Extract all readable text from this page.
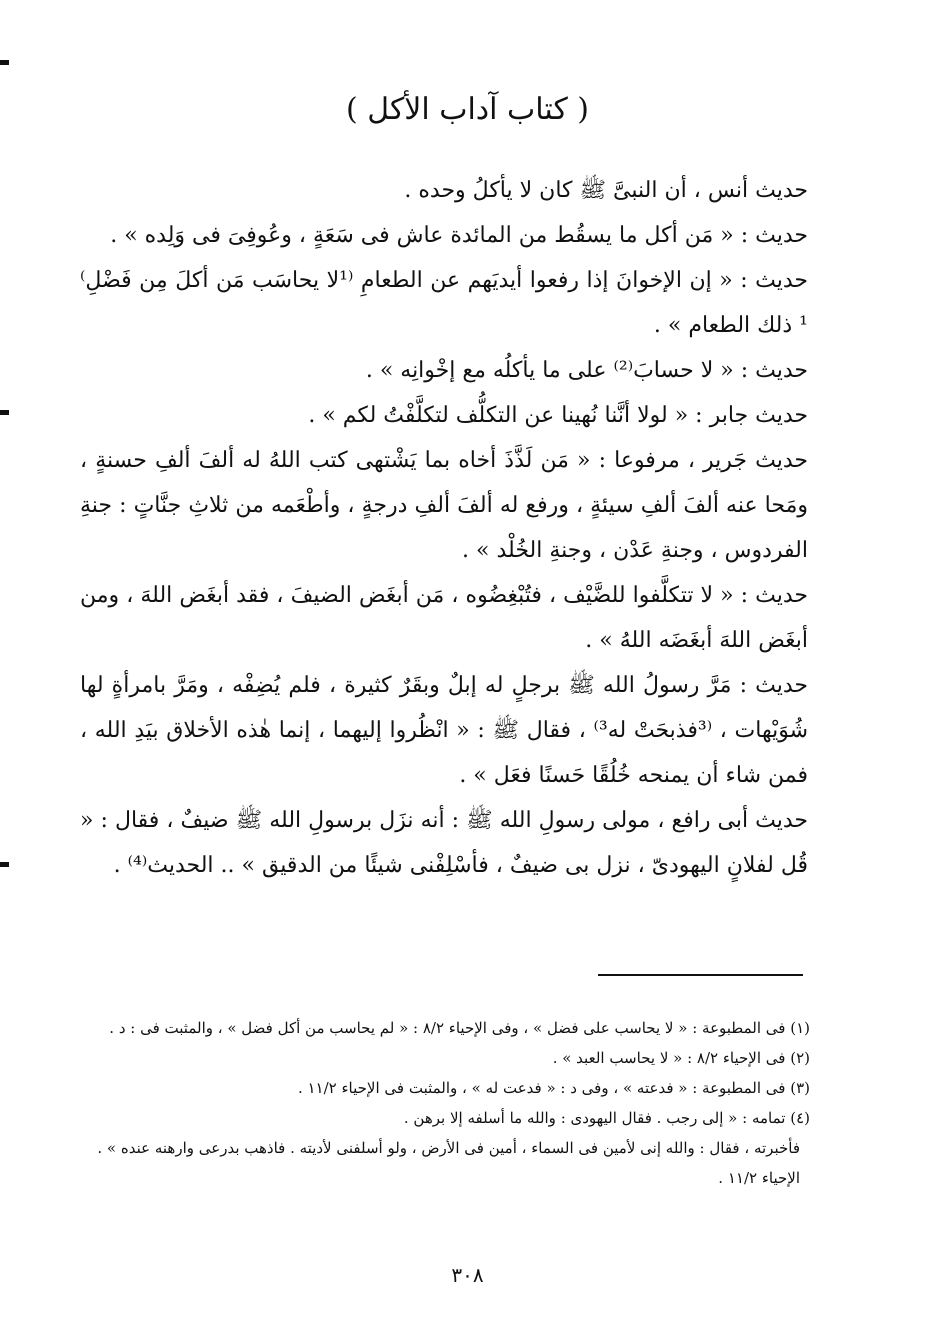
( كتاب آداب الأكل )

حديث أنس ، أن النبىَّ ﷺ كان لا يأكلُ وحده .

حديث : « مَن أكل ما يسقُط من المائدة عاش فى سَعَةٍ ، وعُوفِىَ فى وَلِده » .

حديث : « إن الإخوانَ إذا رفعوا أيديَهم عن الطعامِ ⁽¹لا يحاسَب مَن أكلَ مِن فَضْلِ⁾¹ ذلك الطعام » .

حديث : « لا حسابَ⁽²⁾ على ما يأكلُه مع إخْوانِه » .

حديث جابر : « لولا أنَّنا نُهينا عن التكلُّف لتكلَّفْتُ لكم » .

حديث جَرير ، مرفوعا : « مَن لَذَّذَ أخاه بما يَشْتهى كتب اللهُ له ألفَ ألفِ حسنةٍ ، ومَحا عنه ألفَ ألفِ سيئةٍ ، ورفع له ألفَ ألفِ درجةٍ ، وأطْعَمه من ثلاثِ جنَّاتٍ : جنةِ الفردوس ، وجنةِ عَدْن ، وجنةِ الخُلْد » .

حديث : « لا تتكلَّفوا للضَّيْف ، فتُبْغِضُوه ، مَن أبغَض الضيفَ ، فقد أبغَض اللهَ ، ومن أبغَض اللهَ أبغَضَه اللهُ » .

حديث : مَرَّ رسولُ الله ﷺ برجلٍ له إبلٌ وبقَرٌ كثيرة ، فلم يُضِفْه ، ومَرَّ بامرأةٍ لها شُوَيْهات ، ⁽³فذبحَتْ له³⁾ ، فقال ﷺ : « انْظُروا إليهما ، إنما هٰذه الأخلاق بيَدِ الله ، فمن شاء أن يمنحه خُلُقًا حَسنًا فعَل » .

حديث أبى رافع ، مولى رسولِ الله ﷺ : أنه نزَل برسولِ الله ﷺ ضيفٌ ، فقال : « قُل لفلانٍ اليهودىّ ، نزل بى ضيفٌ ، فأسْلِفْنى شيئًا من الدقيق » .. الحديث⁽⁴⁾ .

(١) فى المطبوعة : « لا يحاسب على فضل » ، وفى الإحياء ٨/٢ : « لم يحاسب من أكل فضل » ، والمثبت فى : د .

(٢) فى الإحياء ٨/٢ : « لا يحاسب العبد » .

(٣) فى المطبوعة : « فدعته » ، وفى د : « فدعت له » ، والمثبت فى الإحياء ١١/٢ .

(٤) تمامه : « إلى رجب . فقال اليهودى : والله ما أسلفه إلا برهن .

فأخبرته ، فقال : والله إنى لأمين فى السماء ، أمين فى الأرض ، ولو أسلفنى لأديته . فاذهب بدرعى وارهنه عنده » . الإحياء ١١/٢ .

٣٠٨
